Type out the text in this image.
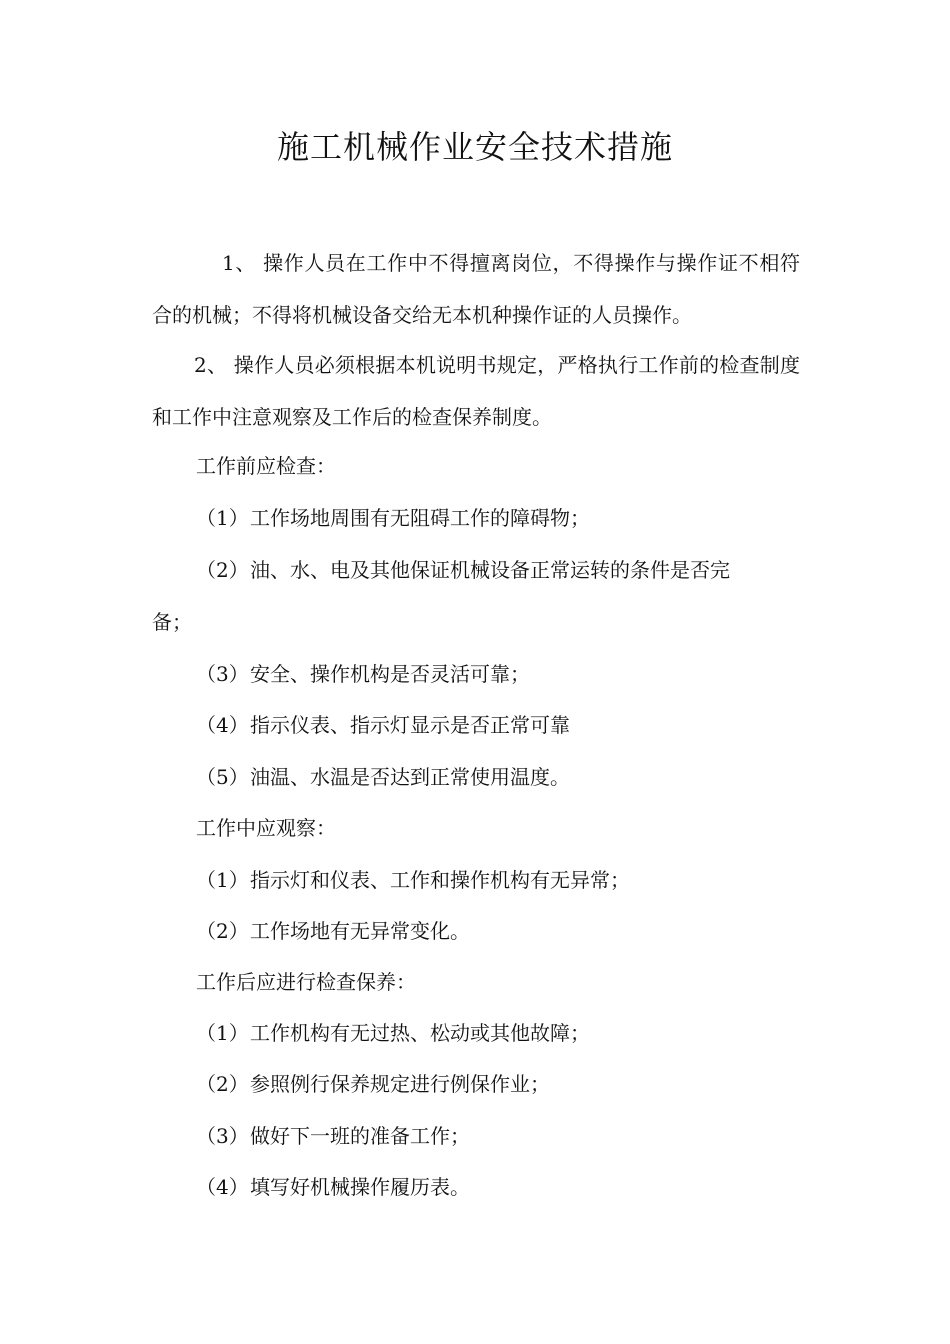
施工机械作业安全技术措施

1、 操作人员在工作中不得擅离岗位，不得操作与操作证不相符合的机械；不得将机械设备交给无本机种操作证的人员操作。

2、 操作人员必须根据本机说明书规定，严格执行工作前的检查制度和工作中注意观察及工作后的检查保养制度。

工作前应检查：
（1）工作场地周围有无阻碍工作的障碍物；
（2）油、水、电及其他保证机械设备正常运转的条件是否完
备；
（3）安全、操作机构是否灵活可靠；
（4）指示仪表、指示灯显示是否正常可靠
（5）油温、水温是否达到正常使用温度。
工作中应观察：
（1）指示灯和仪表、工作和操作机构有无异常；
（2）工作场地有无异常变化。
工作后应进行检查保养：
（1）工作机构有无过热、松动或其他故障；
（2）参照例行保养规定进行例保作业；
（3）做好下一班的准备工作；
（4）填写好机械操作履历表。
